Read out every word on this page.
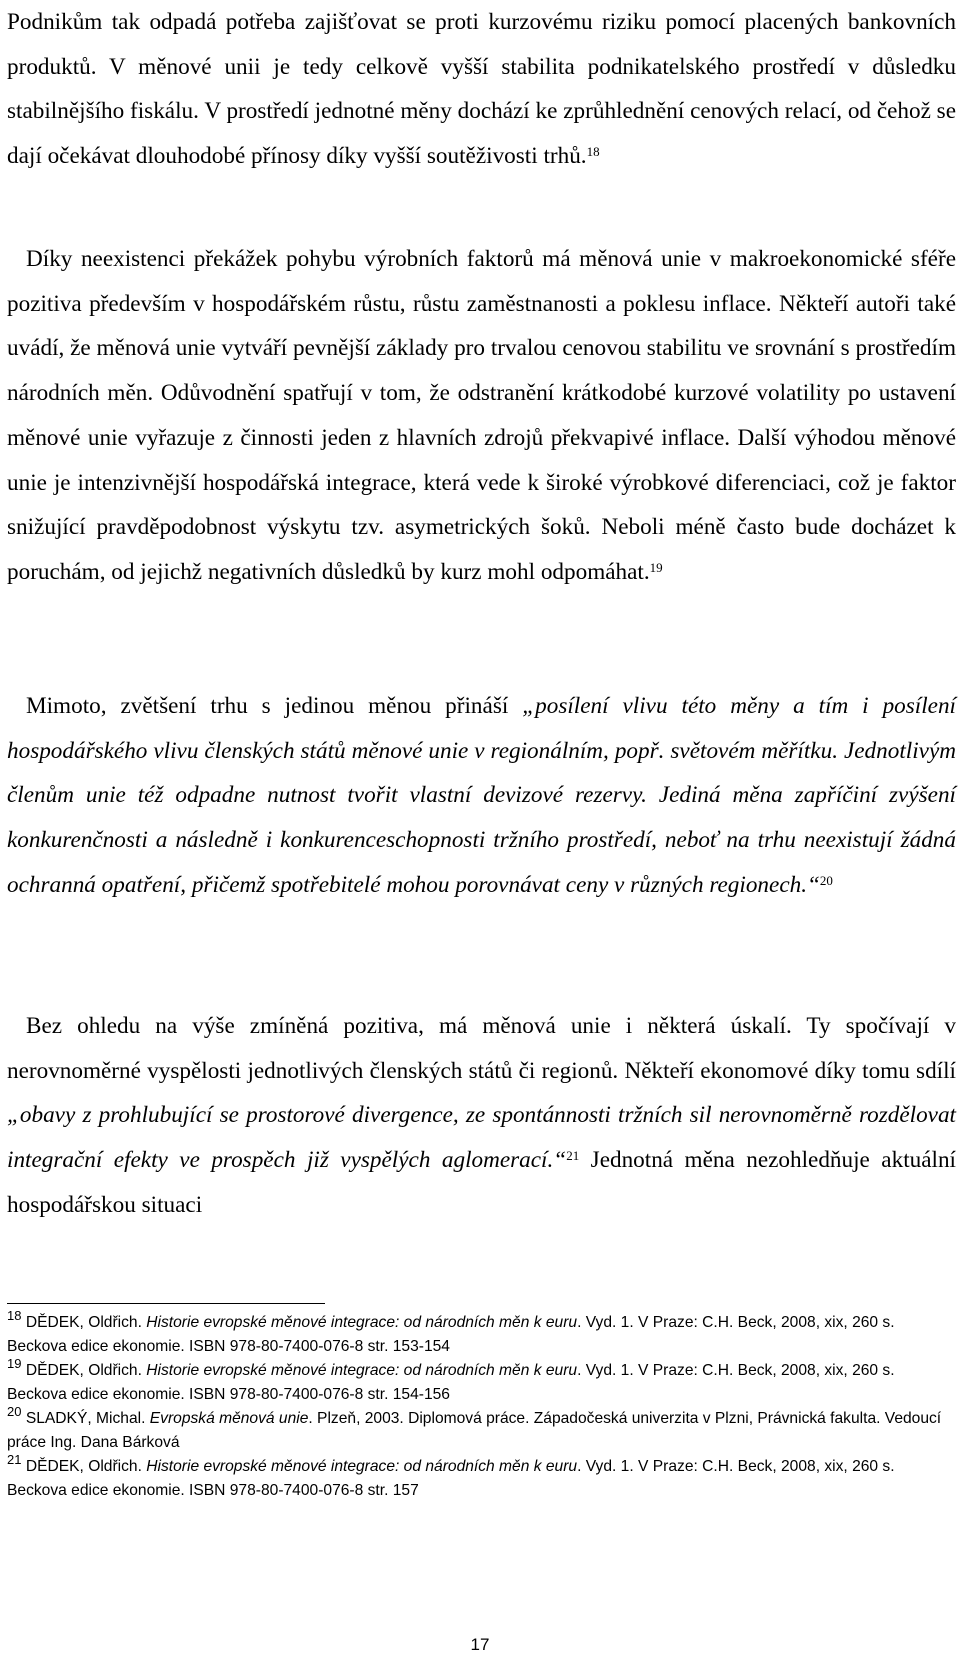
Podnikům tak odpadá potřeba zajišťovat se proti kurzovému riziku pomocí placených bankovních produktů. V měnové unii je tedy celkově vyšší stabilita podnikatelského prostředí v důsledku stabilnějšího fiskálu. V prostředí jednotné měny dochází ke zprůhlednění cenových relací, od čehož se dají očekávat dlouhodobé přínosy díky vyšší soutěživosti trhů.$^{18}$

Díky neexistenci překážek pohybu výrobních faktorů má měnová unie v makroekonomické sféře pozitiva především v hospodářském růstu, růstu zaměstnanosti a poklesu inflace. Někteří autoři také uvádí, že měnová unie vytváří pevnější základy pro trvalou cenovou stabilitu ve srovnání s prostředím národních měn. Odůvodnění spatřují v tom, že odstranění krátkodobé kurzové volatility po ustavení měnové unie vyřazuje z činnosti jeden z hlavních zdrojů překvapivé inflace. Další výhodou měnové unie je intenzivnější hospodářská integrace, která vede k široké výrobkové diferenciaci, což je faktor snižující pravděpodobnost výskytu tzv. asymetrických šoků. Neboli méně často bude docházet k poruchám, od jejichž negativních důsledků by kurz mohl odpomáhat.$^{19}$

Mimoto, zvětšení trhu s jedinou měnou přináší „posílení vlivu této měny a tím i posílení hospodářského vlivu členských států měnové unie v regionálním, popř. světovém měřítku. Jednotlivým členům unie též odpadne nutnost tvořit vlastní devizové rezervy. Jediná měna zapříčiní zvýšení konkurenčnosti a následně i konkurenceschopnosti tržního prostředí, neboť na trhu neexistují žádná ochranná opatření, přičemž spotřebitelé mohou porovnávat ceny v různých regionech.“$^{20}$

Bez ohledu na výše zmíněná pozitiva, má měnová unie i některá úskalí. Ty spočívají v nerovnoměrné vyspělosti jednotlivých členských států či regionů. Někteří ekonomové díky tomu sdílí „obavy z prohlubující se prostorové divergence, ze spontánnosti tržních sil nerovnoměrně rozdělovat integrační efekty ve prospěch již vyspělých aglomerací.“$^{21}$ Jednotná měna nezohledňuje aktuální hospodářskou situaci

$^{18}$ DĚDEK, Oldřich. Historie evropské měnové integrace: od národních měn k euru. Vyd. 1. V Praze: C.H. Beck, 2008, xix, 260 s. Beckova edice ekonomie. ISBN 978-80-7400-076-8 str. 153-154

$^{19}$ DĚDEK, Oldřich. Historie evropské měnové integrace: od národních měn k euru. Vyd. 1. V Praze: C.H. Beck, 2008, xix, 260 s. Beckova edice ekonomie. ISBN 978-80-7400-076-8 str. 154-156

$^{20}$ SLADKÝ, Michal. Evropská měnová unie. Plzeň, 2003. Diplomová práce. Západočeská univerzita v Plzni, Právnická fakulta. Vedoucí práce Ing. Dana Bárková

$^{21}$ DĚDEK, Oldřich. Historie evropské měnové integrace: od národních měn k euru. Vyd. 1. V Praze: C.H. Beck, 2008, xix, 260 s. Beckova edice ekonomie. ISBN 978-80-7400-076-8 str. 157

17
